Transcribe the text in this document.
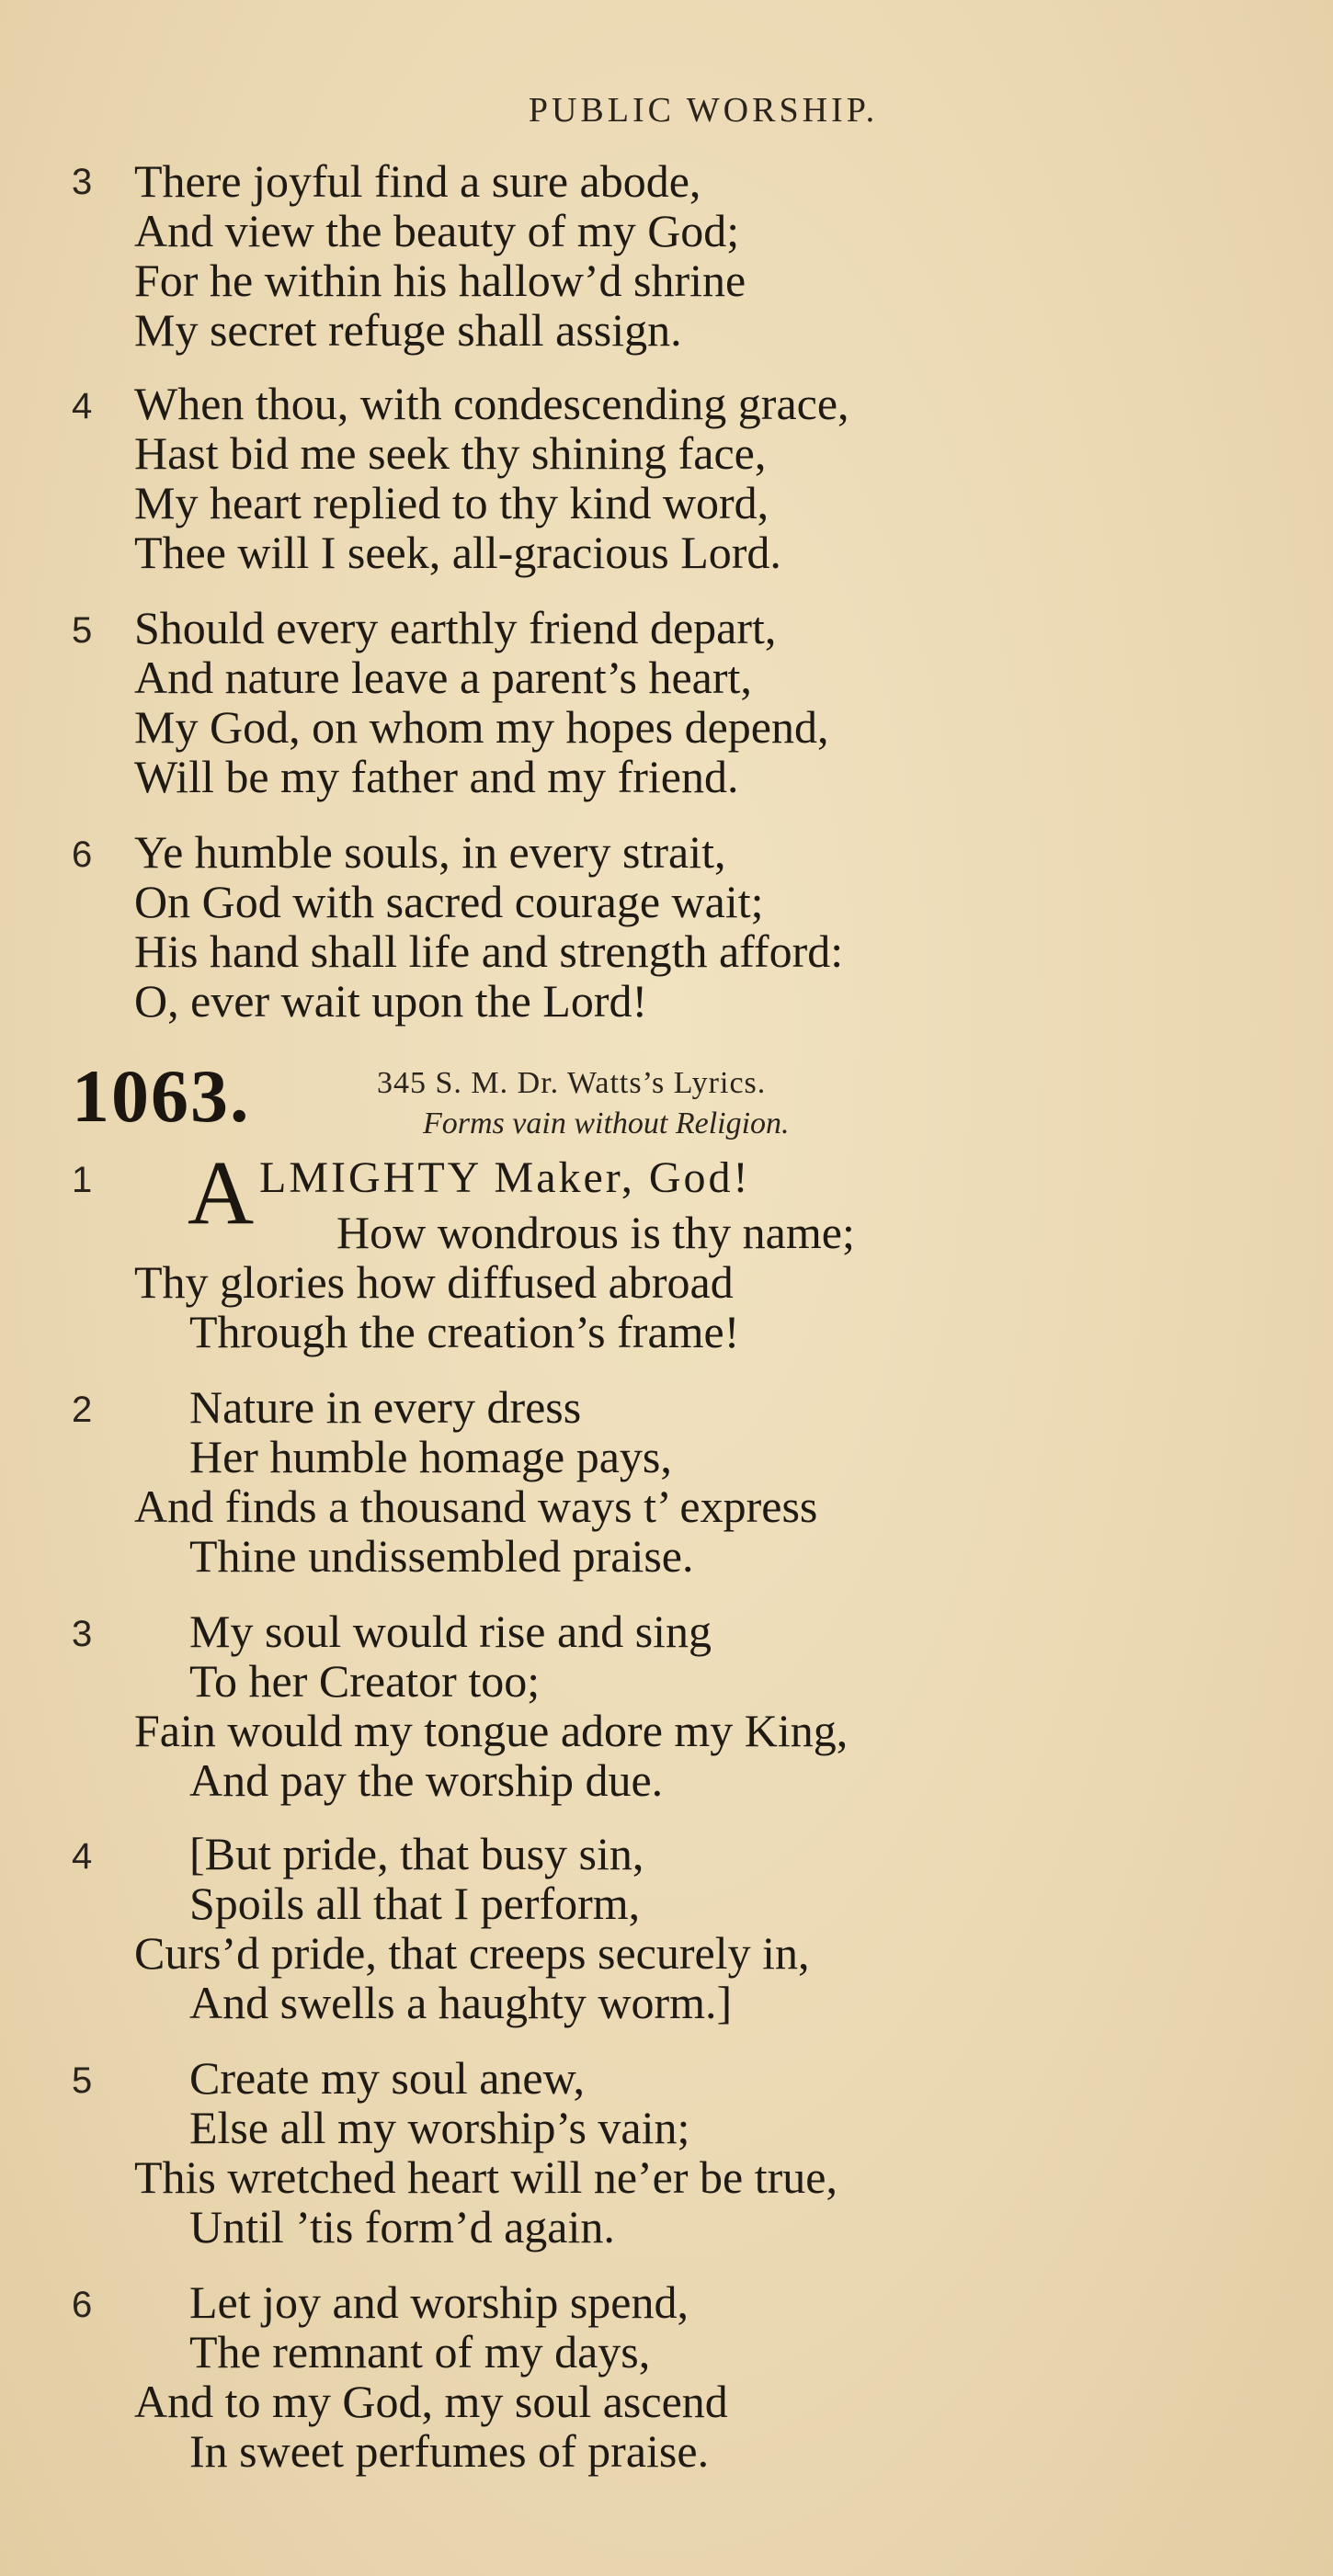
PUBLIC WORSHIP.
3 There joyful find a sure abode,
And view the beauty of my God;
For he within his hallow’d shrine
My secret refuge shall assign.
4 When thou, with condescending grace,
Hast bid me seek thy shining face,
My heart replied to thy kind word,
Thee will I seek, all-gracious Lord.
5 Should every earthly friend depart,
And nature leave a parent’s heart,
My God, on whom my hopes depend,
Will be my father and my friend.
6 Ye humble souls, in every strait,
On God with sacred courage wait;
His hand shall life and strength afford:
O, ever wait upon the Lord!
1063.	345 S. M. Dr. Watts’s Lyrics.
Forms vain without Religion.
1 A LMIGHTY Maker, God!
How wondrous is thy name;
Thy glories how diffused abroad
Through the creation’s frame!
2 Nature in every dress
Her humble homage pays,
And finds a thousand ways t’ express
Thine undissembled praise.
3 My soul would rise and sing
To her Creator too;
Fain would my tongue adore my King,
And pay the worship due.
4 [But pride, that busy sin,
Spoils all that I perform,
Curs’d pride, that creeps securely in,
And swells a haughty worm.]
5 Create my soul anew,
Else all my worship’s vain;
This wretched heart will ne’er be true,
Until ’tis form’d again.
6 Let joy and worship spend,
The remnant of my days,
And to my God, my soul ascend
In sweet perfumes of praise.
